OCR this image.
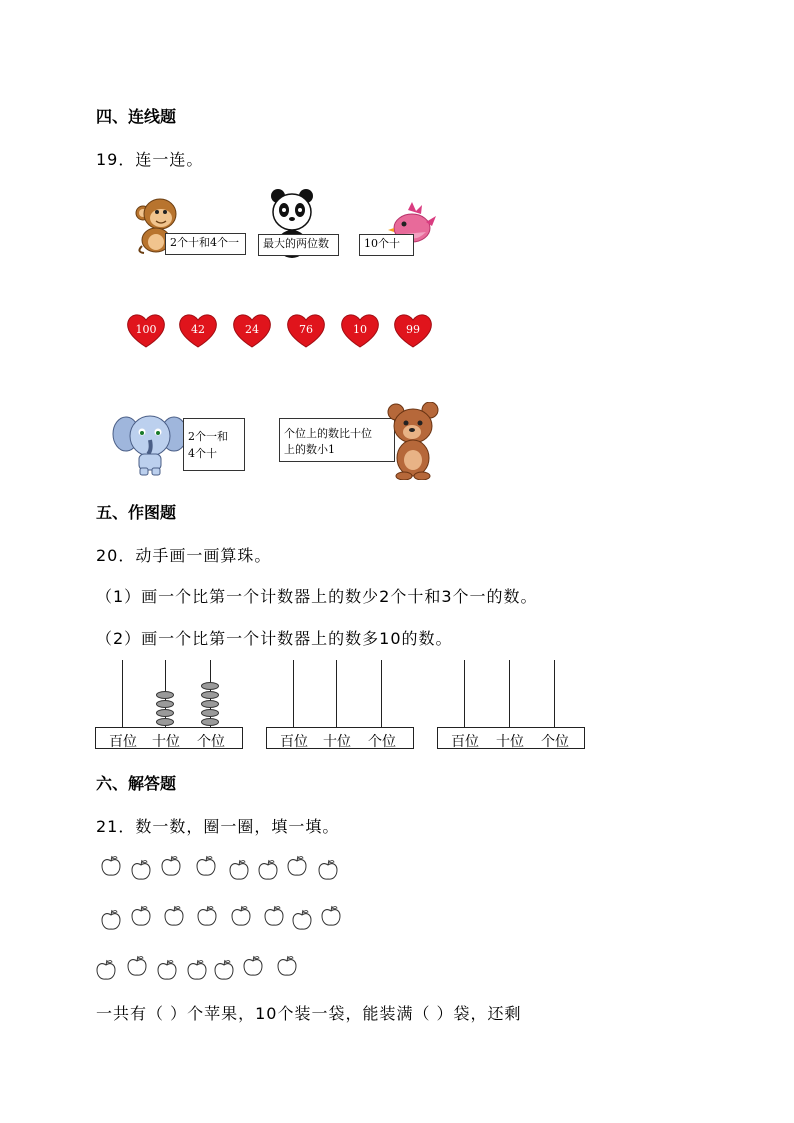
四、连线题
19．连一连。
2个十和4个一	最大的两位数	10个十
100	42	24	76	10	99
2个一和
4个十
个位上的数比十位
上的数小1
五、作图题
20．动手画一画算珠。
（1）画一个比第一个计数器上的数少2个十和3个一的数。
（2）画一个比第一个计数器上的数多10的数。
百位 十位 个位	百位 十位 个位	百位 十位 个位
六、解答题
21．数一数，圈一圈，填一填。
一共有（ ）个苹果，10个装一袋，能装满（ ）袋，还剩
